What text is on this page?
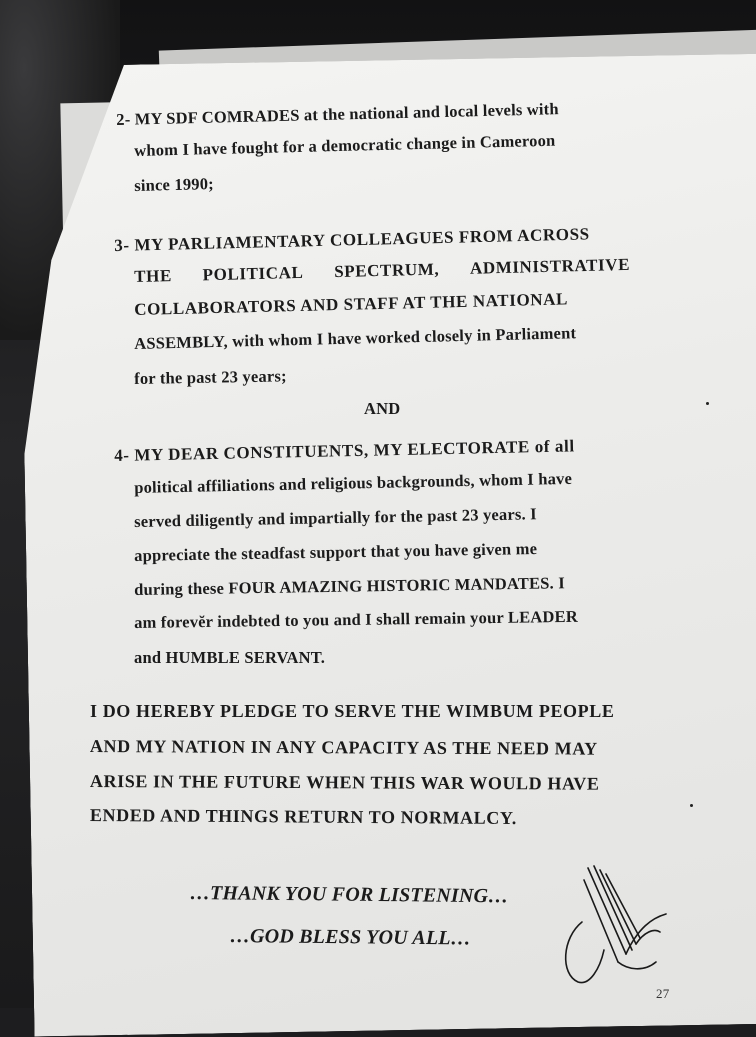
2- MY SDF COMRADES at the national and local levels with
whom I have fought for a democratic change in Cameroon
since 1990;
3- MY PARLIAMENTARY COLLEAGUES FROM ACROSS
THE POLITICAL SPECTRUM, ADMINISTRATIVE
COLLABORATORS AND STAFF AT THE NATIONAL
ASSEMBLY, with whom I have worked closely in Parliament
for the past 23 years;
AND
4- MY DEAR CONSTITUENTS, MY ELECTORATE of all
political affiliations and religious backgrounds, whom I have
served diligently and impartially for the past 23 years. I
appreciate the steadfast support that you have given me
during these FOUR AMAZING HISTORIC MANDATES. I
am forevĕr indebted to you and I shall remain your LEADER
and HUMBLE SERVANT.
I DO HEREBY PLEDGE TO SERVE THE WIMBUM PEOPLE
AND MY NATION IN ANY CAPACITY AS THE NEED MAY
ARISE IN THE FUTURE WHEN THIS WAR WOULD HAVE
ENDED AND THINGS RETURN TO NORMALCY.
…THANK YOU FOR LISTENING…
…GOD BLESS YOU ALL…
27
